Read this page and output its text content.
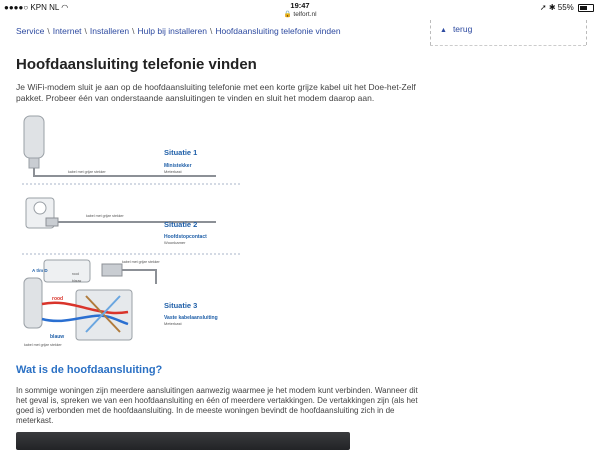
●●●●○ KPN NL ◠	19:47
🔒 telfort.nl
➚ ✱ 55%
▲ terug
Service \ Internet \ Installeren \ Hulp bij installeren \ Hoofdaansluiting telefonie vinden
Hoofdaansluiting telefonie vinden
Je WiFi-modem sluit je aan op de hoofdaansluiting telefonie met een korte grijze kabel uit het Doe-het-Zelf pakket. Probeer één van onderstaande aansluitingen te vinden en sluit het modem daarop aan.
kabel met grijze stekker
Situatie 1
Ministekker
Meterkast
kabel met grijze stekker
Situatie 2
Hoofdstopcontact
Woonkamer
kabel met grijze stekker
A t/m D
rood
blauw
rood
blauw
kabel met grijze stekker
Situatie 3
Vaste kabelaansluiting
Meterkast
Wat is de hoofdaansluiting?
In sommige woningen zijn meerdere aansluitingen aanwezig waarmee je het modem kunt verbinden. Wanneer dit het geval is, spreken we van een hoofdaansluiting en één of meerdere vertakkingen. De vertakkingen zijn (als het goed is) verbonden met de hoofdaansluiting. In de meeste woningen bevindt de hoofdaansluiting zich in de meterkast.
